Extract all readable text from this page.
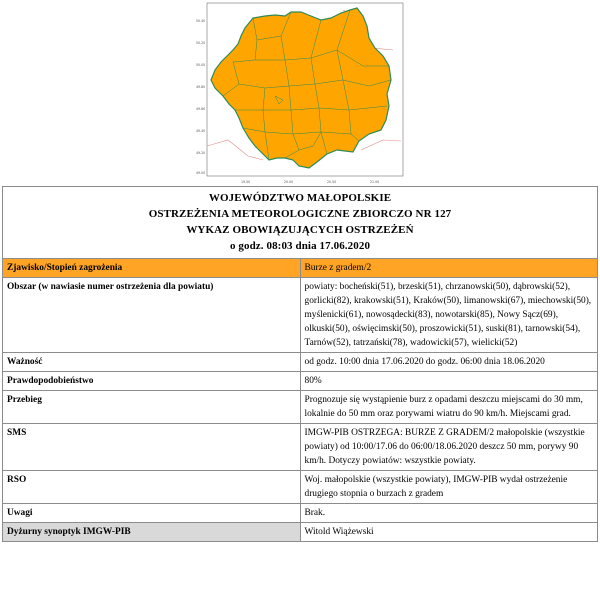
50.40
50.20
50.00
49.80
49.60
49.40
49.20
49.00
19.50	20.00	20.50	21.00
WOJEWÓDZTWO MAŁOPOLSKIE
OSTRZEŻENIA METEOROLOGICZNE ZBIORCZO NR 127
WYKAZ OBOWIĄZUJĄCYCH OSTRZEŻEŃ
o godz. 08:03 dnia 17.06.2020	

Zjawisko/Stopień zagrożenia	Burze z gradem/2
Obszar (w nawiasie numer ostrzeżenia dla powiatu)	powiaty: bocheński(51), brzeski(51), chrzanowski(50), dąbrowski(52), gorlicki(82), krakowski(51), Kraków(50), limanowski(67), miechowski(50), myślenicki(61), nowosądecki(83), nowotarski(85), Nowy Sącz(69), olkuski(50), oświęcimski(50), proszowicki(51), suski(81), tarnowski(54), Tarnów(52), tatrzański(78), wadowicki(57), wielicki(52)
Ważność	od godz. 10:00 dnia 17.06.2020 do godz. 06:00 dnia 18.06.2020
Prawdopodobieństwo	80%
Przebieg	Prognozuje się wystąpienie burz z opadami deszczu miejscami do 30 mm, lokalnie do 50 mm oraz porywami wiatru do 90 km/h. Miejscami grad.
SMS	IMGW-PIB OSTRZEGA: BURZE Z GRADEM/2 małopolskie (wszystkie powiaty) od 10:00/17.06 do 06:00/18.06.2020 deszcz 50 mm, porywy 90 km/h. Dotyczy powiatów: wszystkie powiaty.
RSO	Woj. małopolskie (wszystkie powiaty), IMGW-PIB wydał ostrzeżenie drugiego stopnia o burzach z gradem
Uwagi	Brak.
Dyżurny synoptyk IMGW-PIB	Witold Wiążewski
